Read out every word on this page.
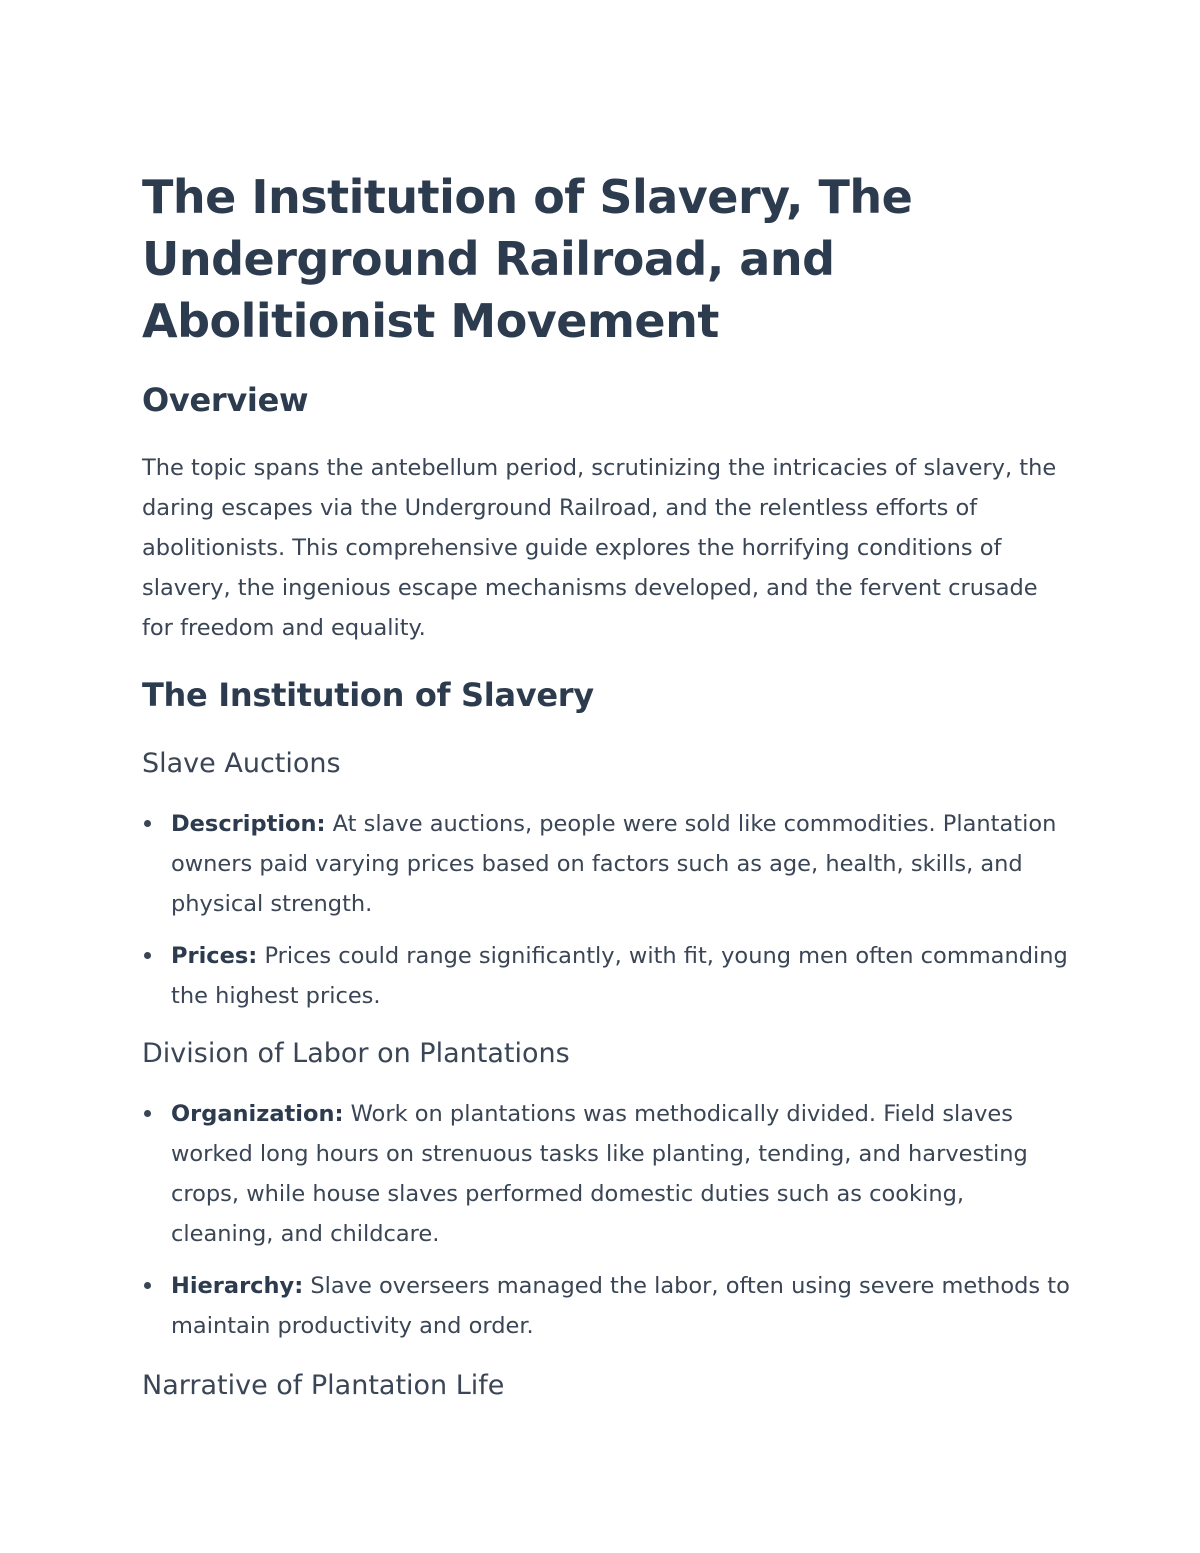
The Institution of Slavery, The Underground Railroad, and Abolitionist Movement
Overview

The topic spans the antebellum period, scrutinizing the intricacies of slavery, the daring escapes via the Underground Railroad, and the relentless efforts of abolitionists. This comprehensive guide explores the horrifying conditions of slavery, the ingenious escape mechanisms developed, and the fervent crusade for freedom and equality.

The Institution of Slavery
Slave Auctions
Description: At slave auctions, people were sold like commodities. Plantation owners paid varying prices based on factors such as age, health, skills, and physical strength.
Prices: Prices could range significantly, with fit, young men often commanding the highest prices.
Division of Labor on Plantations
Organization: Work on plantations was methodically divided. Field slaves worked long hours on strenuous tasks like planting, tending, and harvesting crops, while house slaves performed domestic duties such as cooking, cleaning, and childcare.
Hierarchy: Slave overseers managed the labor, often using severe methods to maintain productivity and order.
Narrative of Plantation Life
